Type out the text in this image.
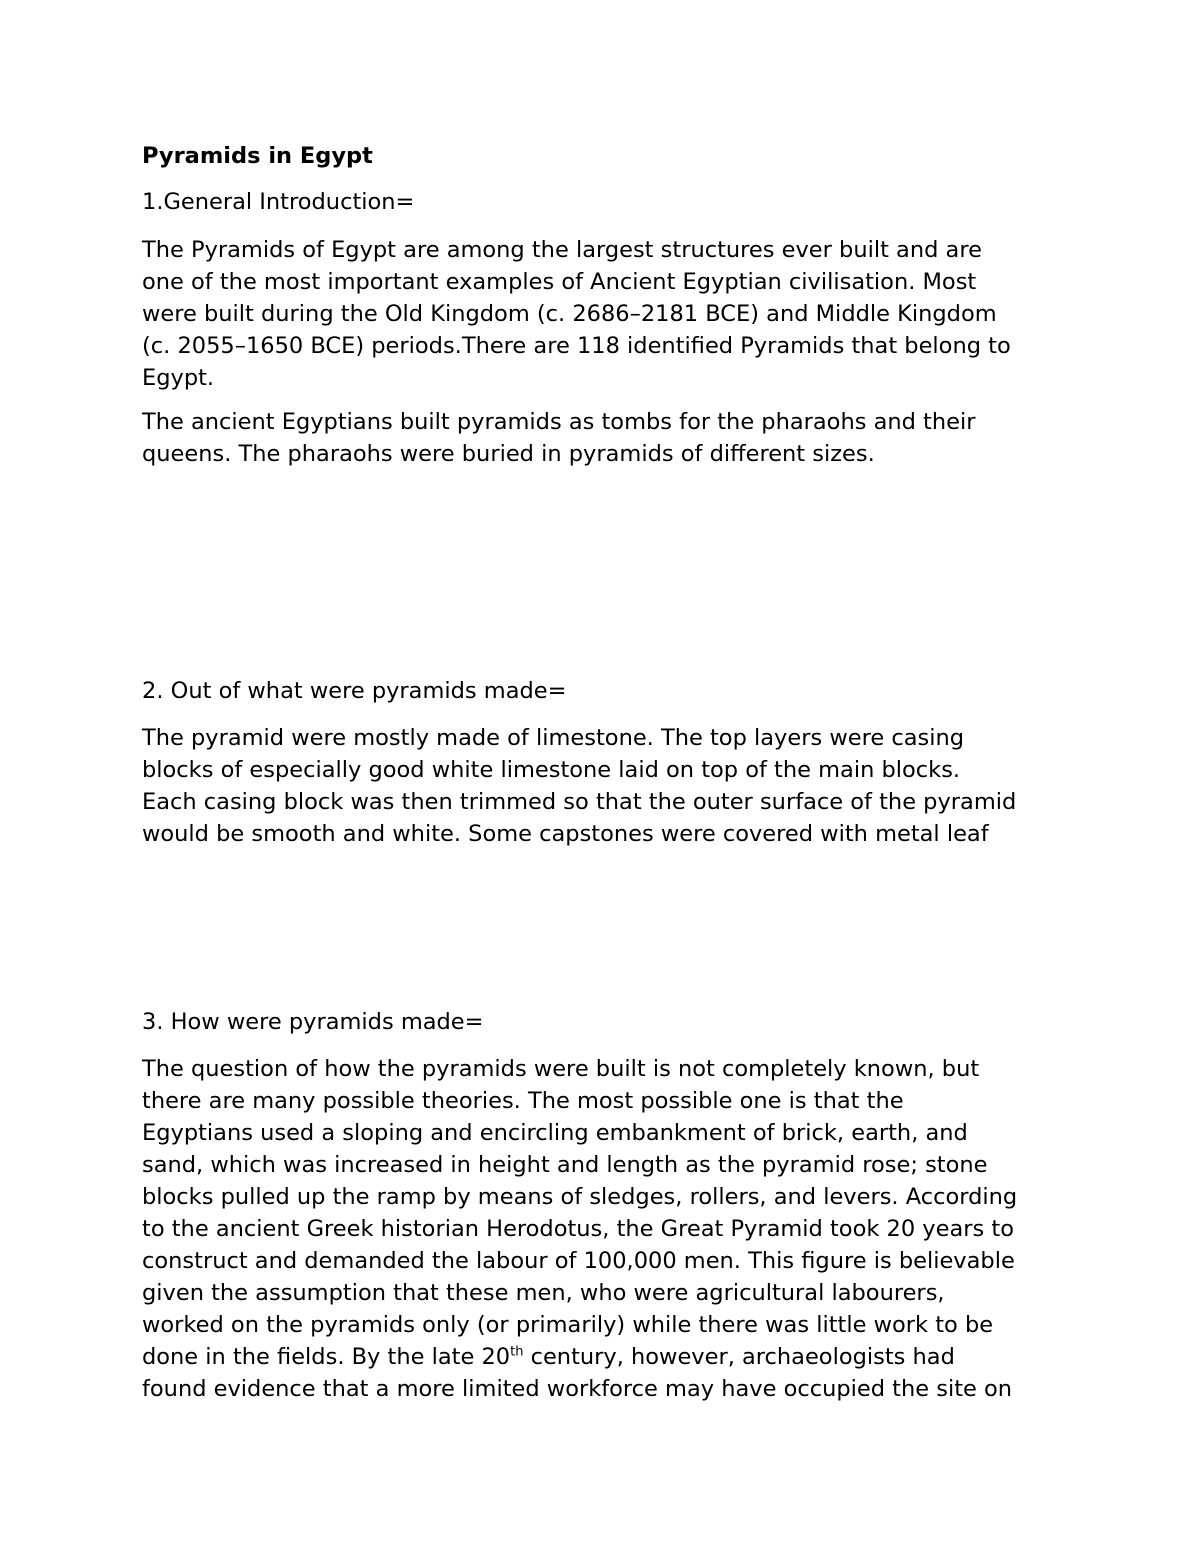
Pyramids in Egypt
1.General Introduction=

The Pyramids of Egypt are among the largest structures ever built and are
one of the most important examples of Ancient Egyptian civilisation. Most
were built during the Old Kingdom (c. 2686–2181 BCE) and Middle Kingdom
(c. 2055–1650 BCE) periods.There are 118 identified Pyramids that belong to
Egypt.

The ancient Egyptians built pyramids as tombs for the pharaohs and their
queens. The pharaohs were buried in pyramids of different sizes.

2. Out of what were pyramids made=

The pyramid were mostly made of limestone. The top layers were casing
blocks of especially good white limestone laid on top of the main blocks.
Each casing block was then trimmed so that the outer surface of the pyramid
would be smooth and white. Some capstones were covered with metal leaf

3. How were pyramids made=

The question of how the pyramids were built is not completely known, but
there are many possible theories. The most possible one is that the
Egyptians used a sloping and encircling embankment of brick, earth, and
sand, which was increased in height and length as the pyramid rose; stone
blocks pulled up the ramp by means of sledges, rollers, and levers. According
to the ancient Greek historian Herodotus, the Great Pyramid took 20 years to
construct and demanded the labour of 100,000 men. This figure is believable
given the assumption that these men, who were agricultural labourers,
worked on the pyramids only (or primarily) while there was little work to be
done in the fields. By the late 20th century, however, archaeologists had
found evidence that a more limited workforce may have occupied the site on
